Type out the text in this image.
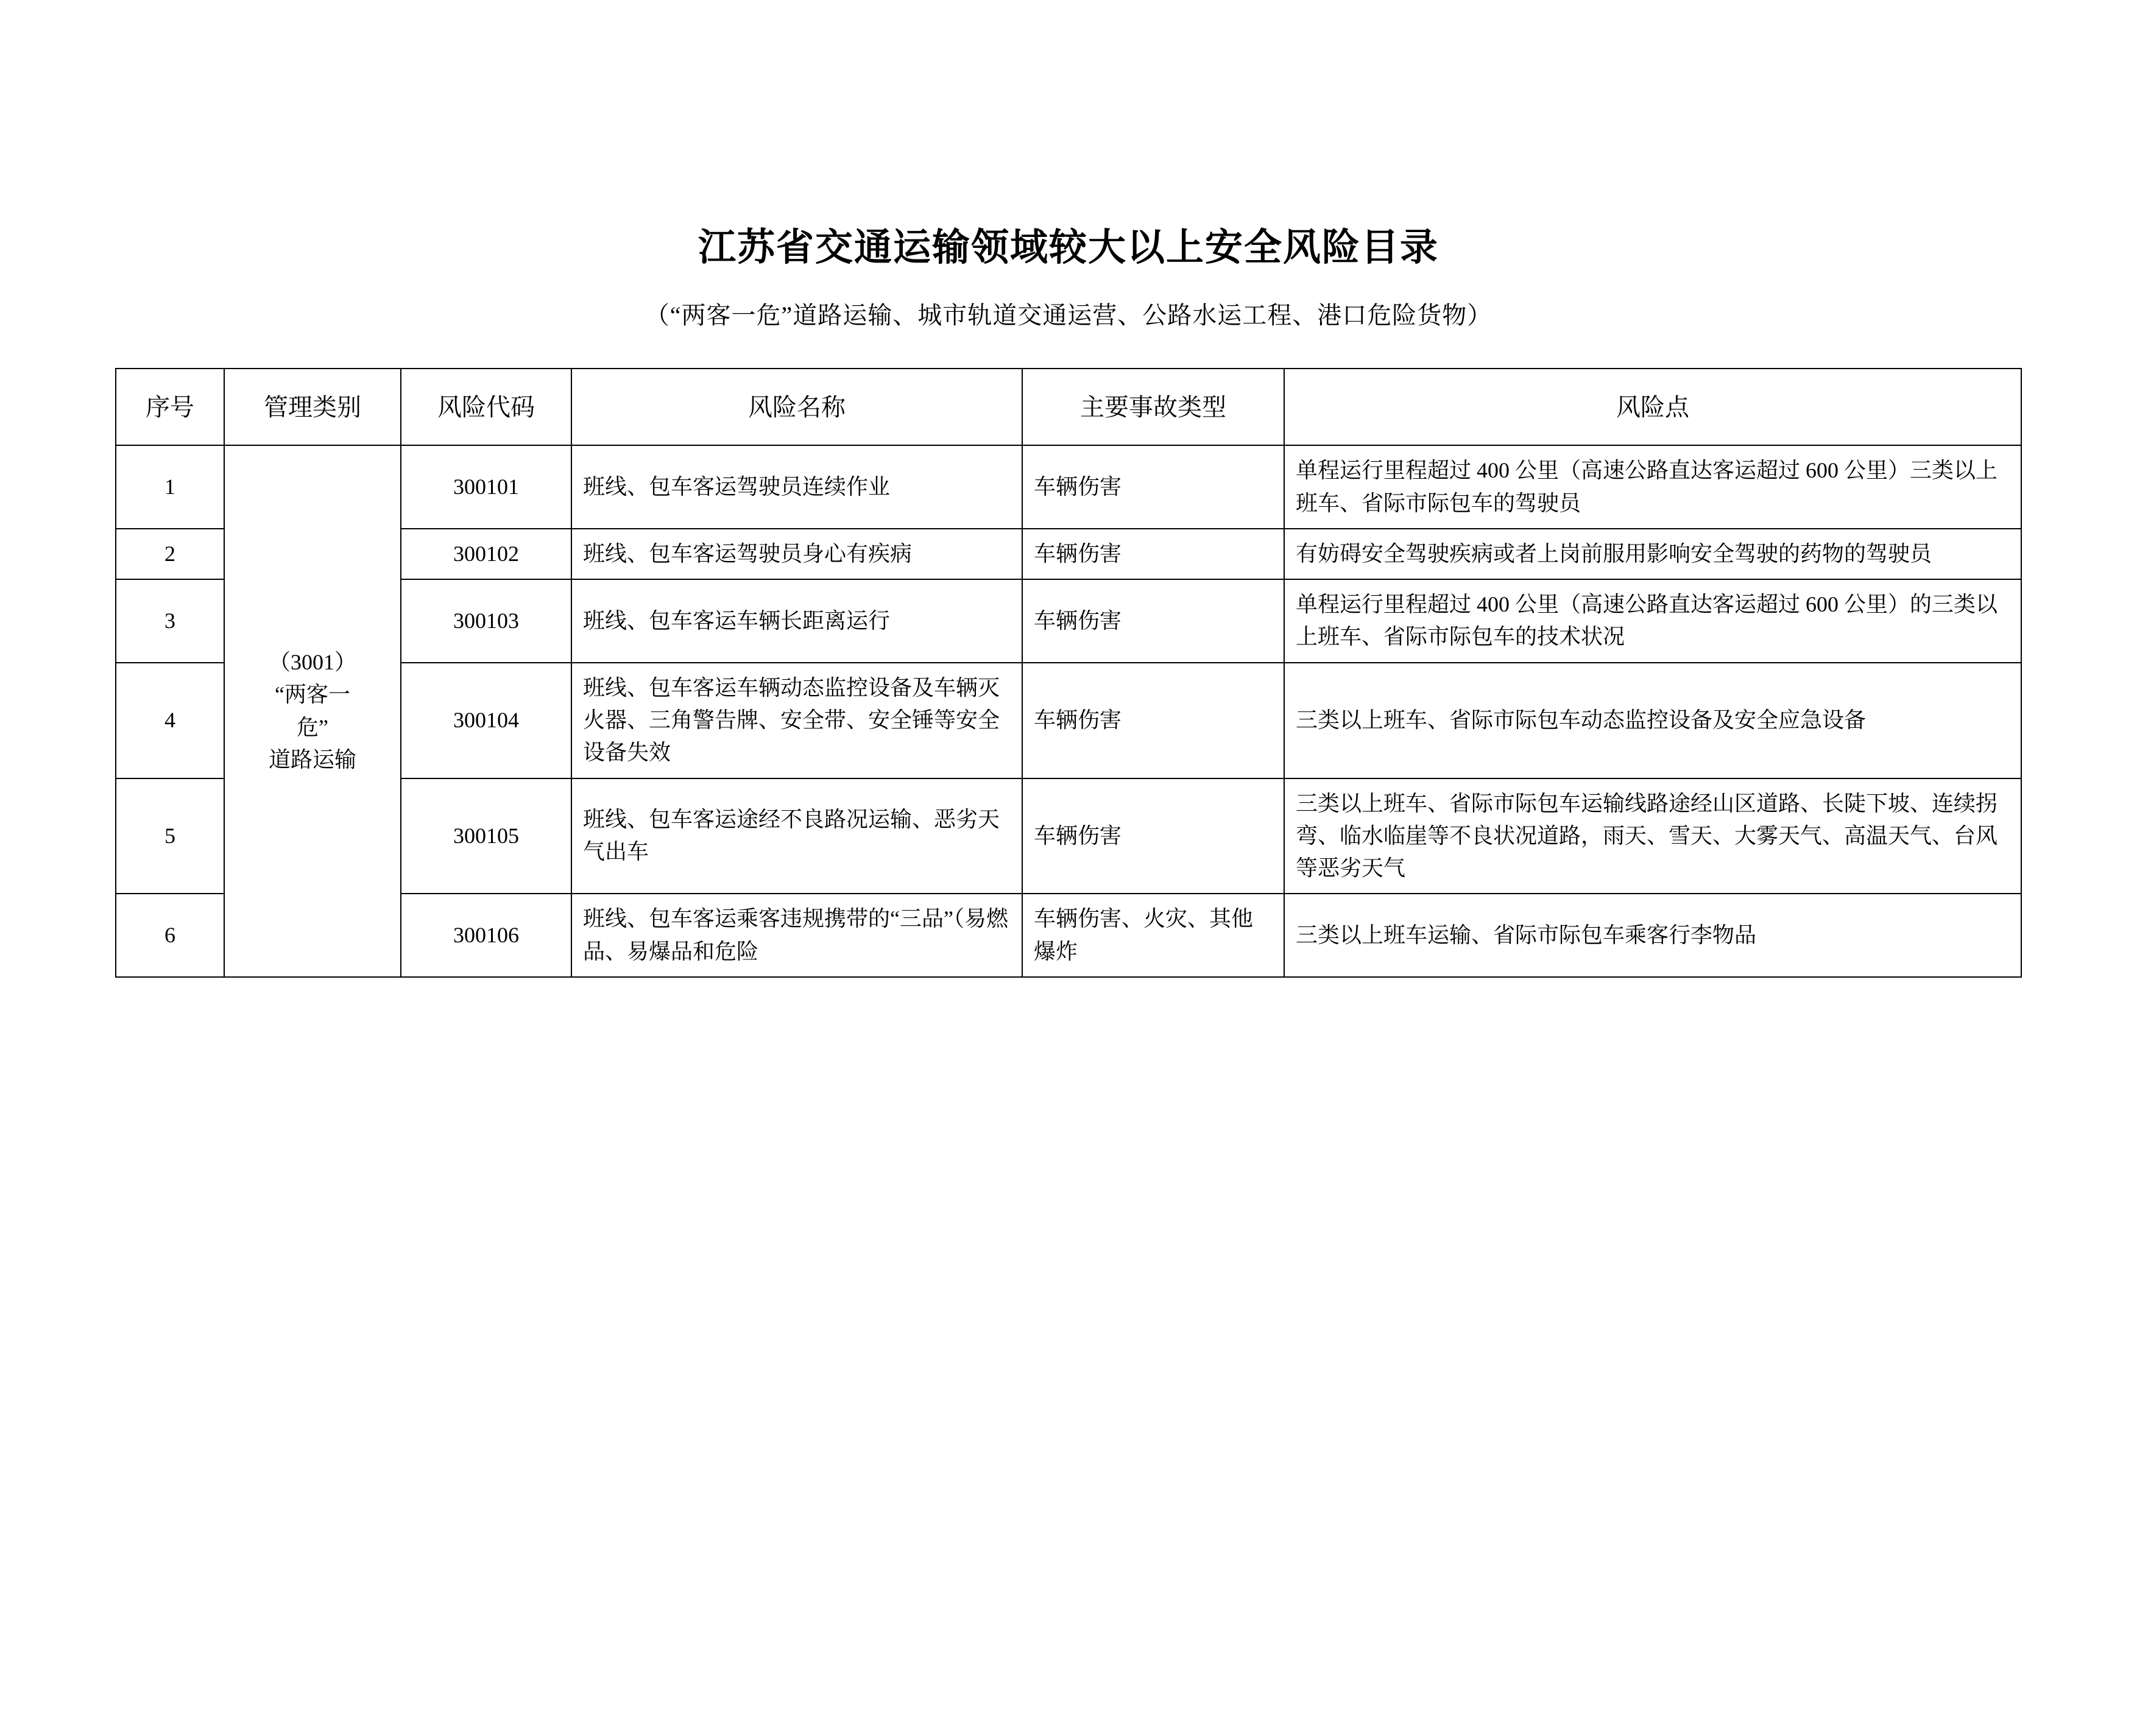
江苏省交通运输领域较大以上安全风险目录
（“两客一危”道路运输、城市轨道交通运营、公路水运工程、港口危险货物）
序号	管理类别	风险代码	风险名称	主要事故类型	风险点
1	（3001）
“两客一
危”
道路运输	300101	班线、包车客运驾驶员连续作业	车辆伤害	单程运行里程超过 400 公里（高速公路直达客运超过 600 公里）三类以上班车、省际市际包车的驾驶员
2		300102	班线、包车客运驾驶员身心有疾病	车辆伤害	有妨碍安全驾驶疾病或者上岗前服用影响安全驾驶的药物的驾驶员
3		300103	班线、包车客运车辆长距离运行	车辆伤害	单程运行里程超过 400 公里（高速公路直达客运超过 600 公里）的三类以上班车、省际市际包车的技术状况
4		300104	班线、包车客运车辆动态监控设备及车辆灭火器、三角警告牌、安全带、安全锤等安全设备失效	车辆伤害	三类以上班车、省际市际包车动态监控设备及安全应急设备
5		300105	班线、包车客运途经不良路况运输、恶劣天气出车	车辆伤害	三类以上班车、省际市际包车运输线路途经山区道路、长陡下坡、连续拐弯、临水临崖等不良状况道路，雨天、雪天、大雾天气、高温天气、台风等恶劣天气
6		300106	班线、包车客运乘客违规携带的“三品”（易燃品、易爆品和危险	车辆伤害、火灾、其他爆炸	三类以上班车运输、省际市际包车乘客行李物品
